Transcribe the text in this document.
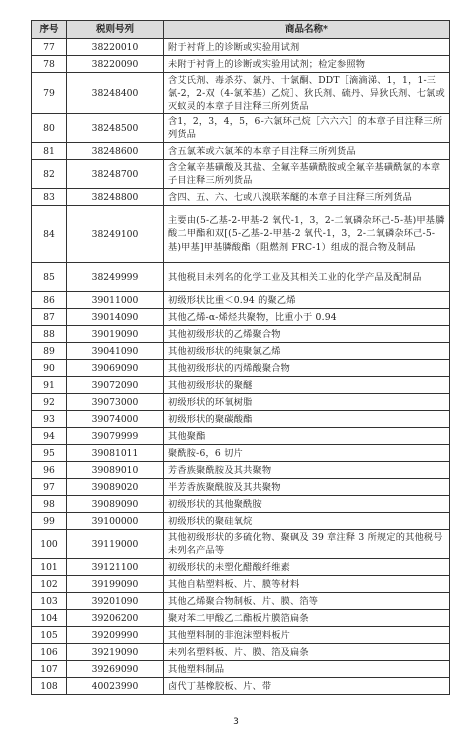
序号	税则号列	商品名称*
77	38220010	附于衬背上的诊断或实验用试剂
78	38220090	未附于衬背上的诊断或实验用试剂；检定参照物
79	38248400	含艾氏剂、毒杀芬、氯丹、十氯酮、DDT［滴滴涕、1，1，1-三氯-2，2-双（4-氯苯基）乙烷］、狄氏剂、硫丹、异狄氏剂、七氯或灭蚁灵的本章子目注释三所列货品
80	38248500	含1，2，3，4，5，6-六氯环己烷［六六六］的本章子目注释三所列货品
81	38248600	含五氯苯或六氯苯的本章子目注释三所列货品
82	38248700	含全氟辛基磺酸及其盐、全氟辛基磺酰胺或全氟辛基磺酰氯的本章子目注释三所列货品
83	38248800	含四、五、六、七或八溴联苯醚的本章子目注释三所列货品
84	38249100	主要由(5-乙基-2-甲基-2 氧代-1，3，2-二氧磷杂环己-5-基)甲基膦酸二甲酯和双[(5-乙基-2-甲基-2 氧代-1，3，2-二氧磷杂环己-5-基)甲基]甲基膦酸酯（阻燃剂 FRC-1）组成的混合物及制品
85	38249999	其他税目未列名的化学工业及其相关工业的化学产品及配制品
86	39011000	初级形状比重＜0.94 的聚乙烯
87	39014090	其他乙烯-α-烯烃共聚物，比重小于 0.94
88	39019090	其他初级形状的乙烯聚合物
89	39041090	其他初级形状的纯聚氯乙烯
90	39069090	其他初级形状的丙烯酸聚合物
91	39072090	其他初级形状的聚醚
92	39073000	初级形状的环氧树脂
93	39074000	初级形状的聚碳酸酯
94	39079999	其他聚酯
95	39081011	聚酰胺-6，6 切片
96	39089010	芳香族聚酰胺及其共聚物
97	39089020	半芳香族聚酰胺及其共聚物
98	39089090	初级形状的其他聚酰胺
99	39100000	初级形状的聚硅氧烷
100	39119000	其他初级形状的多硫化物、聚砜及 39 章注释 3 所规定的其他税号未列名产品等
101	39121100	初级形状的未塑化醋酸纤维素
102	39199090	其他自粘塑料板、片、膜等材料
103	39201090	其他乙烯聚合物制板、片、膜、箔等
104	39206200	聚对苯二甲酸乙二酯板片膜箔扁条
105	39209990	其他塑料制的非泡沫塑料板片
106	39219090	未列名塑料板、片、膜、箔及扁条
107	39269090	其他塑料制品
108	40023990	卤代丁基橡胶板、片、带
3
